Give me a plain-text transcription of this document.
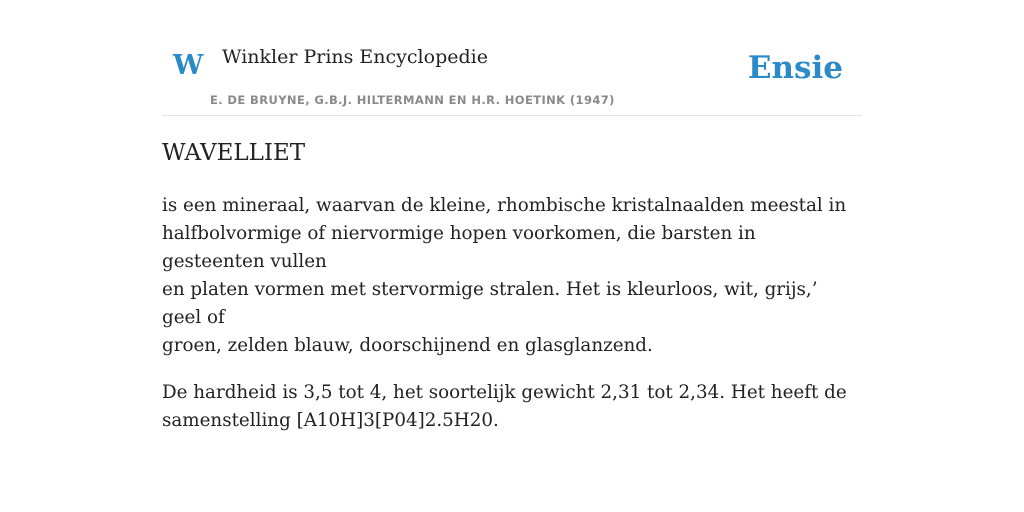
W Winkler Prins Encyclopedie
E. DE BRUYNE, G.B.J. HILTERMANN EN H.R. HOETINK (1947)
Ensie
WAVELLIET

is een mineraal, waarvan de kleine, rhombische kristalnaalden meestal in
halfbolvormige of niervormige hopen voorkomen, die barsten in gesteenten vullen
en platen vormen met stervormige stralen. Het is kleurloos, wit, grijs,’ geel of
groen, zelden blauw, doorschijnend en glasglanzend.

De hardheid is 3,5 tot 4, het soortelijk gewicht 2,31 tot 2,34. Het heeft de
samenstelling [A10H]3[P04]2.5H20.
